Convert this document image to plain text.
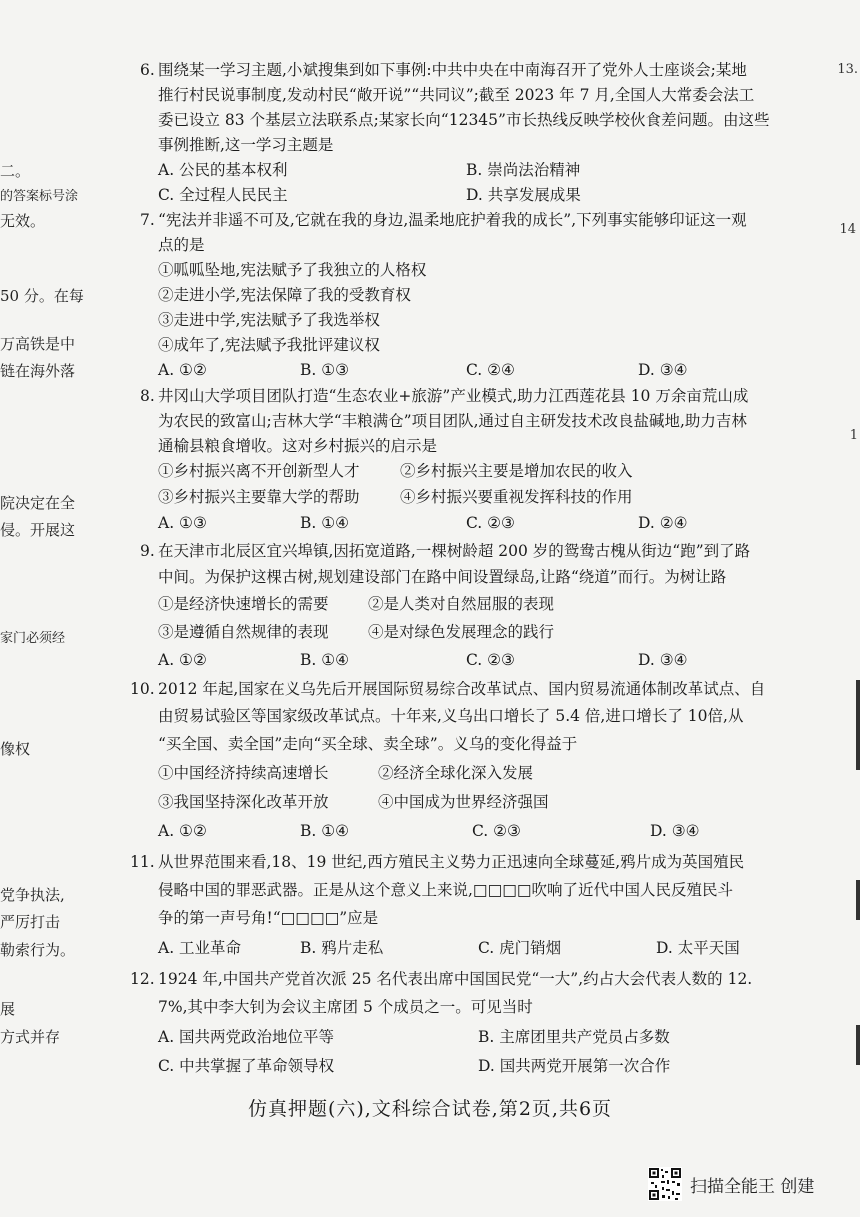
二。
的答案标号涂
无效。
50 分。在每
万高铁是中
链在海外落
院决定在全
侵。开展这
家门必须经
像权
党争执法,
严厉打击
勒索行为。
展
方式并存
13.
14
1
6. 围绕某一学习主题,小斌搜集到如下事例:中共中央在中南海召开了党外人士座谈会;某地
推行村民说事制度,发动村民“敞开说”“共同议”;截至 2023 年 7 月,全国人大常委会法工
委已设立 83 个基层立法联系点;某家长向“12345”市长热线反映学校伙食差问题。由这些
事例推断,这一学习主题是
A. 公民的基本权利	B. 崇尚法治精神
C. 全过程人民民主	D. 共享发展成果
7. “宪法并非遥不可及,它就在我的身边,温柔地庇护着我的成长”,下列事实能够印证这一观
点的是
①呱呱坠地,宪法赋予了我独立的人格权
②走进小学,宪法保障了我的受教育权
③走进中学,宪法赋予了我选举权
④成年了,宪法赋予我批评建议权
A. ①②	B. ①③	C. ②④	D. ③④
8. 井冈山大学项目团队打造“生态农业+旅游”产业模式,助力江西莲花县 10 万余亩荒山成
为农民的致富山;吉林大学“丰粮满仓”项目团队,通过自主研发技术改良盐碱地,助力吉林
通榆县粮食增收。这对乡村振兴的启示是
①乡村振兴离不开创新型人才	②乡村振兴主要是增加农民的收入
③乡村振兴主要靠大学的帮助	④乡村振兴要重视发挥科技的作用
A. ①③	B. ①④	C. ②③	D. ②④
9. 在天津市北辰区宜兴埠镇,因拓宽道路,一棵树龄超 200 岁的鸳鸯古槐从街边“跑”到了路
中间。为保护这棵古树,规划建设部门在路中间设置绿岛,让路“绕道”而行。为树让路
①是经济快速增长的需要	②是人类对自然屈服的表现
③是遵循自然规律的表现	④是对绿色发展理念的践行
A. ①②	B. ①④	C. ②③	D. ③④
10. 2012 年起,国家在义乌先后开展国际贸易综合改革试点、国内贸易流通体制改革试点、自
由贸易试验区等国家级改革试点。十年来,义乌出口增长了 5.4 倍,进口增长了 10倍,从
“买全国、卖全国”走向“买全球、卖全球”。义乌的变化得益于
①中国经济持续高速增长	②经济全球化深入发展
③我国坚持深化改革开放	④中国成为世界经济强国
A. ①②	B. ①④	C. ②③	D. ③④
11. 从世界范围来看,18、19 世纪,西方殖民主义势力正迅速向全球蔓延,鸦片成为英国殖民
侵略中国的罪恶武器。正是从这个意义上来说,□□□□吹响了近代中国人民反殖民斗
争的第一声号角!“□□□□”应是
A. 工业革命	B. 鸦片走私	C. 虎门销烟	D. 太平天国
12. 1924 年,中国共产党首次派 25 名代表出席中国国民党“一大”,约占大会代表人数的 12.
7%,其中李大钊为会议主席团 5 个成员之一。可见当时
A. 国共两党政治地位平等	B. 主席团里共产党员占多数
C. 中共掌握了革命领导权	D. 国共两党开展第一次合作
仿真押题(六),文科综合试卷,第2页,共6页
扫描全能王 创建
